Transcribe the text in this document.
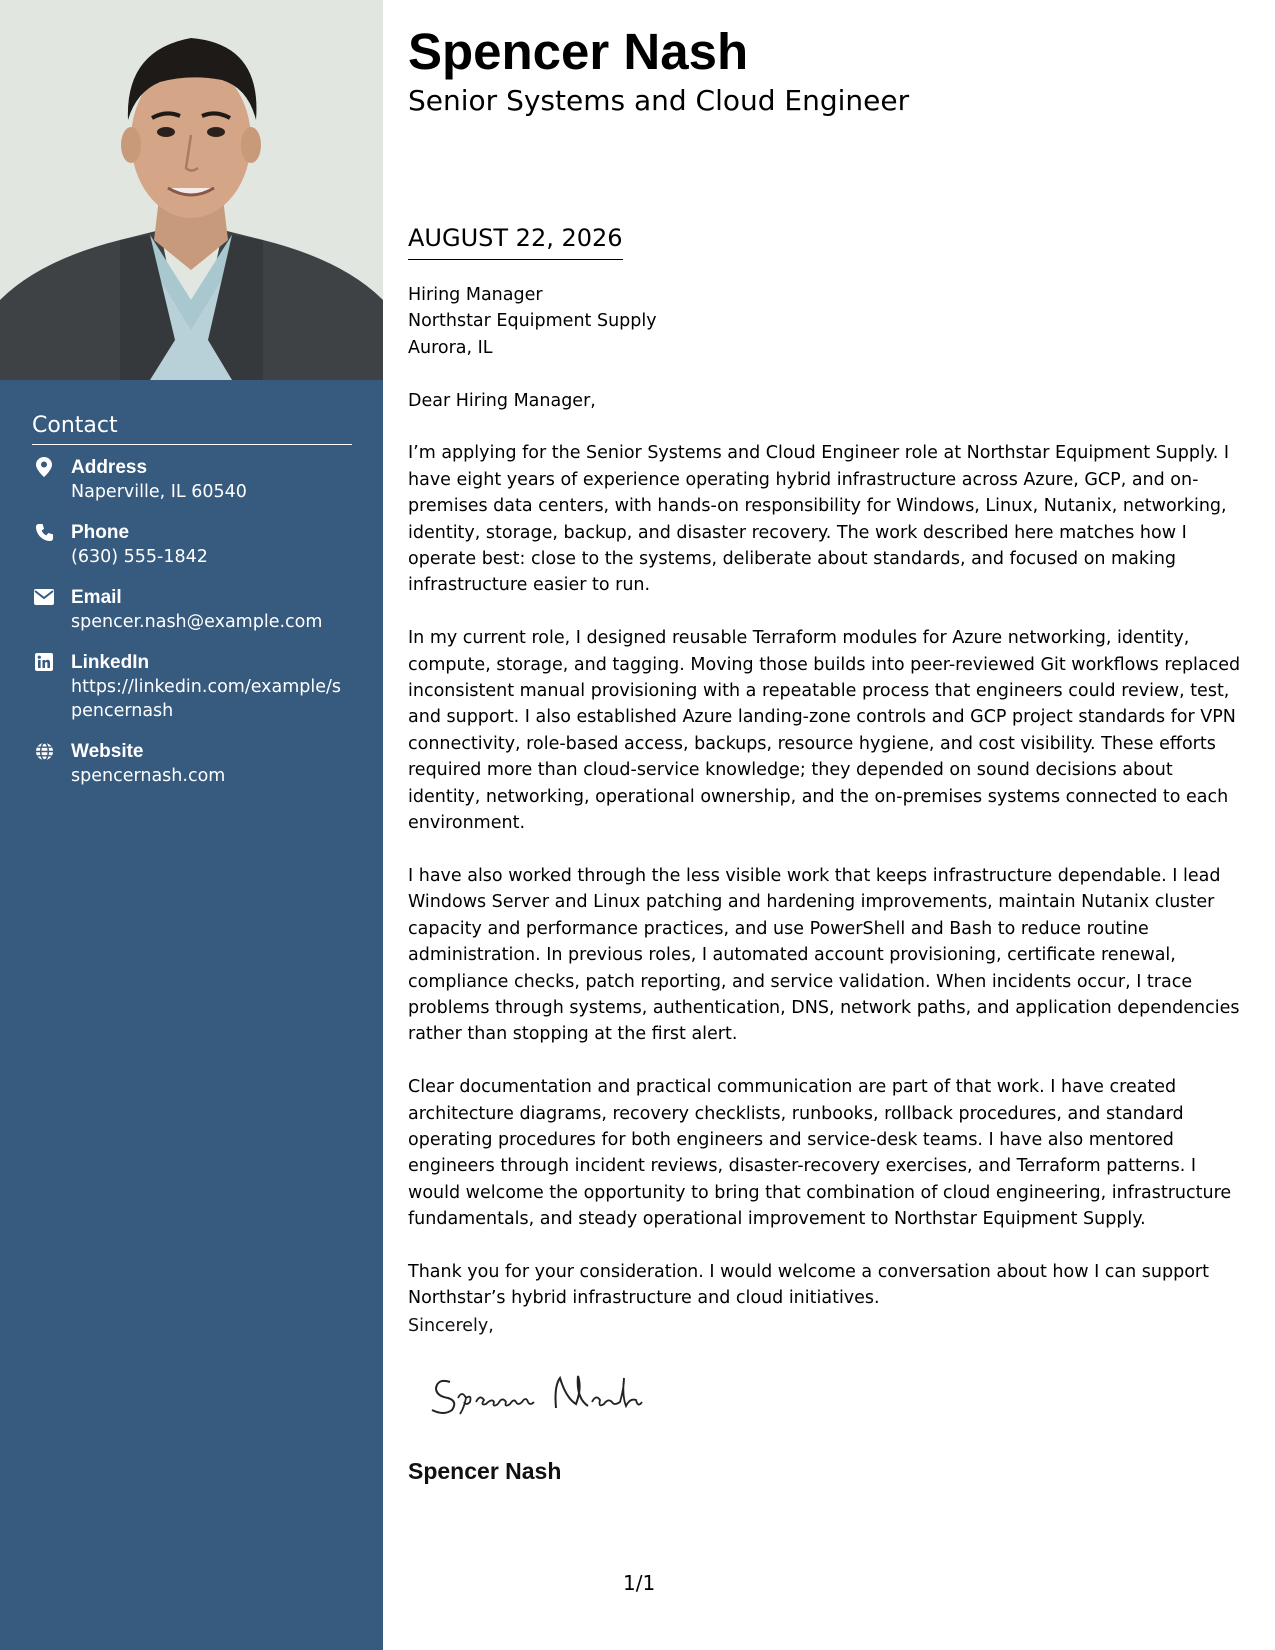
Contact
Address
Naperville, IL 60540
Phone
(630) 555-1842
Email
spencer.nash@example.com
LinkedIn
https://linkedin.com/example/spencernash
Website
spencernash.com
Spencer Nash
Senior Systems and Cloud Engineer
AUGUST 22, 2026

Hiring Manager

Northstar Equipment Supply

Aurora, IL

Dear Hiring Manager,

I’m applying for the Senior Systems and Cloud Engineer role at Northstar Equipment Supply. I have eight years of experience operating hybrid infrastructure across Azure, GCP, and on-premises data centers, with hands-on responsibility for Windows, Linux, Nutanix, networking, identity, storage, backup, and disaster recovery. The work described here matches how I operate best: close to the systems, deliberate about standards, and focused on making infrastructure easier to run.

In my current role, I designed reusable Terraform modules for Azure networking, identity, compute, storage, and tagging. Moving those builds into peer-reviewed Git workflows replaced inconsistent manual provisioning with a repeatable process that engineers could review, test, and support. I also established Azure landing-zone controls and GCP project standards for VPN connectivity, role-based access, backups, resource hygiene, and cost visibility. These efforts required more than cloud-service knowledge; they depended on sound decisions about identity, networking, operational ownership, and the on-premises systems connected to each environment.

I have also worked through the less visible work that keeps infrastructure dependable. I lead Windows Server and Linux patching and hardening improvements, maintain Nutanix cluster capacity and performance practices, and use PowerShell and Bash to reduce routine administration. In previous roles, I automated account provisioning, certificate renewal, compliance checks, patch reporting, and service validation. When incidents occur, I trace problems through systems, authentication, DNS, network paths, and application dependencies rather than stopping at the first alert.

Clear documentation and practical communication are part of that work. I have created architecture diagrams, recovery checklists, runbooks, rollback procedures, and standard operating procedures for both engineers and service-desk teams. I have also mentored engineers through incident reviews, disaster-recovery exercises, and Terraform patterns. I would welcome the opportunity to bring that combination of cloud engineering, infrastructure fundamentals, and steady operational improvement to Northstar Equipment Supply.

Thank you for your consideration. I would welcome a conversation about how I can support Northstar’s hybrid infrastructure and cloud initiatives.

Sincerely,
Spencer Nash
1/1
